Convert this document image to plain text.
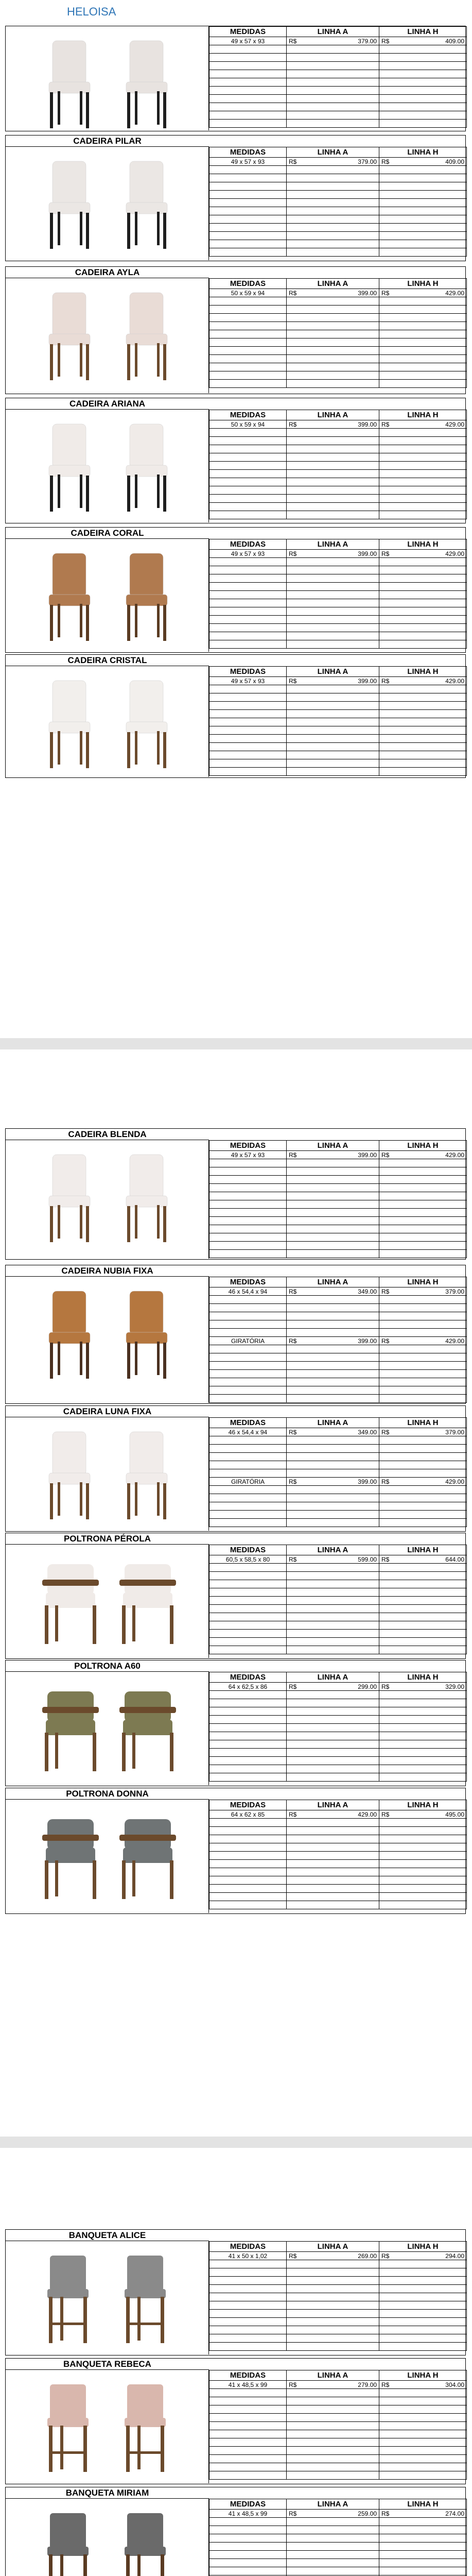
HELOISA
MEDIDAS	LINHA A	LINHA H
49 x 57 x 93	R$ 379.00	R$ 409.00

CADEIRA PILAR
MEDIDAS	LINHA A	LINHA H
49 x 57 x 93	R$ 379.00	R$ 409.00

CADEIRA AYLA
MEDIDAS	LINHA A	LINHA H
50 x 59 x 94	R$ 399.00	R$ 429.00

CADEIRA ARIANA
MEDIDAS	LINHA A	LINHA H
50 x 59 x 94	R$ 399.00	R$ 429.00

CADEIRA CORAL
MEDIDAS	LINHA A	LINHA H
49 x 57 x 93	R$ 399.00	R$ 429.00

CADEIRA CRISTAL
MEDIDAS	LINHA A	LINHA H
49 x 57 x 93	R$ 399.00	R$ 429.00

CADEIRA BLENDA
MEDIDAS	LINHA A	LINHA H
49 x 57 x 93	R$ 399.00	R$ 429.00

CADEIRA NUBIA FIXA
MEDIDAS	LINHA A	LINHA H
46 x 54,4 x 94	R$ 349.00	R$ 379.00

GIRATÓRIA	R$ 399.00	R$ 429.00

CADEIRA LUNA FIXA
MEDIDAS	LINHA A	LINHA H
46 x 54,4 x 94	R$ 349.00	R$ 379.00

GIRATÓRIA	R$ 399.00	R$ 429.00

POLTRONA PÉROLA
MEDIDAS	LINHA A	LINHA H
60,5 x 58,5 x 80	R$ 599.00	R$ 644.00

POLTRONA A60
MEDIDAS	LINHA A	LINHA H
64 x 62,5 x 86	R$ 299.00	R$ 329.00

POLTRONA DONNA
MEDIDAS	LINHA A	LINHA H
64 x 62 x 85	R$ 429.00	R$ 495.00

BANQUETA ALICE
MEDIDAS	LINHA A	LINHA H
41 x 50 x 1,02	R$ 269.00	R$ 294.00

BANQUETA REBECA
MEDIDAS	LINHA A	LINHA H
41 x 48,5 x 99	R$ 279.00	R$ 304.00

BANQUETA MIRIAM
MEDIDAS	LINHA A	LINHA H
41 x 48,5 x 99	R$ 259.00	R$ 274.00
